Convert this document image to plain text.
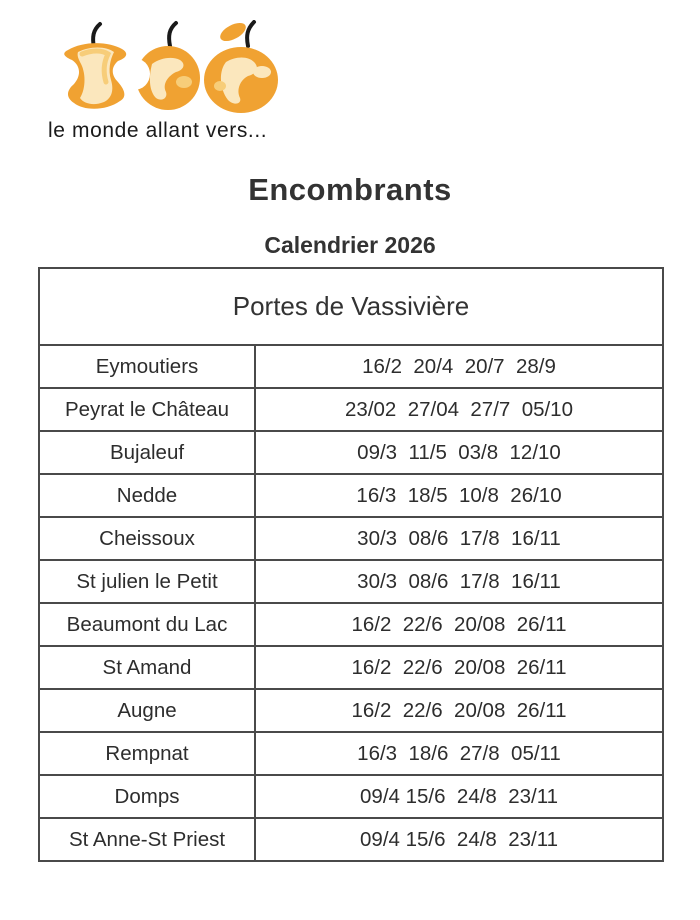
le monde allant vers...
Encombrants
Calendrier 2026
Portes de Vassivière	
Eymoutiers	16/2  20/4  20/7  28/9
Peyrat le Château	23/02  27/04  27/7  05/10
Bujaleuf	09/3  11/5  03/8  12/10
Nedde	16/3  18/5  10/8  26/10
Cheissoux	30/3  08/6  17/8  16/11
St julien le Petit	30/3  08/6  17/8  16/11
Beaumont du Lac	16/2  22/6  20/08  26/11
St Amand	16/2  22/6  20/08  26/11
Augne	16/2  22/6  20/08  26/11
Rempnat	16/3  18/6  27/8  05/11
Domps	09/4 15/6  24/8  23/11
St Anne-St Priest	09/4 15/6  24/8  23/11
